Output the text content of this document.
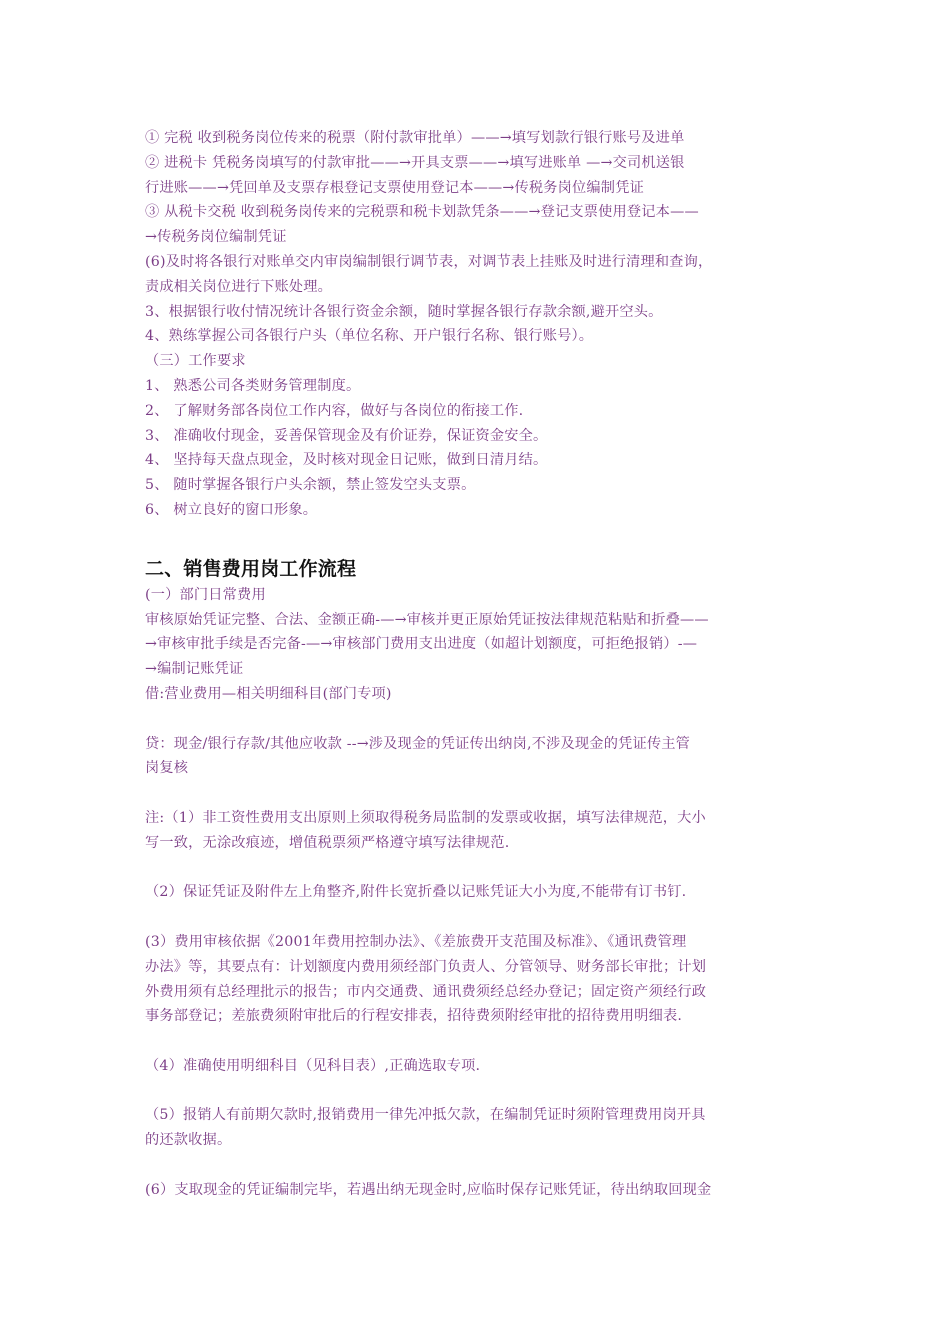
① 完税 收到税务岗位传来的税票（附付款审批单）——→填写划款行银行账号及进单
② 进税卡 凭税务岗填写的付款审批——→开具支票——→填写进账单 —→交司机送银
行进账——→凭回单及支票存根登记支票使用登记本——→传税务岗位编制凭证
③ 从税卡交税 收到税务岗传来的完税票和税卡划款凭条——→登记支票使用登记本——
→传税务岗位编制凭证
(6)及时将各银行对账单交内审岗编制银行调节表，对调节表上挂账及时进行清理和查询，
责成相关岗位进行下账处理。
3、根据银行收付情况统计各银行资金余额，随时掌握各银行存款余额,避开空头。
4、熟练掌握公司各银行户头（单位名称、开户银行名称、银行账号）。
（三）工作要求
1、 熟悉公司各类财务管理制度。
2、 了解财务部各岗位工作内容，做好与各岗位的衔接工作.
3、 准确收付现金，妥善保管现金及有价证券，保证资金安全。
4、 坚持每天盘点现金，及时核对现金日记账，做到日清月结。
5、 随时掌握各银行户头余额，禁止签发空头支票。
6、 树立良好的窗口形象。
二、销售费用岗工作流程
(一）部门日常费用
审核原始凭证完整、合法、金额正确-—→审核并更正原始凭证按法律规范粘贴和折叠——
→审核审批手续是否完备-—→审核部门费用支出进度（如超计划额度，可拒绝报销）-—
→编制记账凭证
借:营业费用—相关明细科目(部门专项)
贷：现金/银行存款/其他应收款 --→涉及现金的凭证传出纳岗,不涉及现金的凭证传主管
岗复核
注:（1）非工资性费用支出原则上须取得税务局监制的发票或收据，填写法律规范，大小
写一致，无涂改痕迹，增值税票须严格遵守填写法律规范.
（2）保证凭证及附件左上角整齐,附件长宽折叠以记账凭证大小为度,不能带有订书钉.
(3）费用审核依据《2001年费用控制办法》、《差旅费开支范围及标准》、《通讯费管理
办法》等，其要点有：计划额度内费用须经部门负责人、分管领导、财务部长审批；计划
外费用须有总经理批示的报告；市内交通费、通讯费须经总经办登记；固定资产须经行政
事务部登记；差旅费须附审批后的行程安排表，招待费须附经审批的招待费用明细表.
（4）准确使用明细科目（见科目表）,正确选取专项.
（5）报销人有前期欠款时,报销费用一律先冲抵欠款，在编制凭证时须附管理费用岗开具
的还款收据。
(6）支取现金的凭证编制完毕，若遇出纳无现金时,应临时保存记账凭证，待出纳取回现金
